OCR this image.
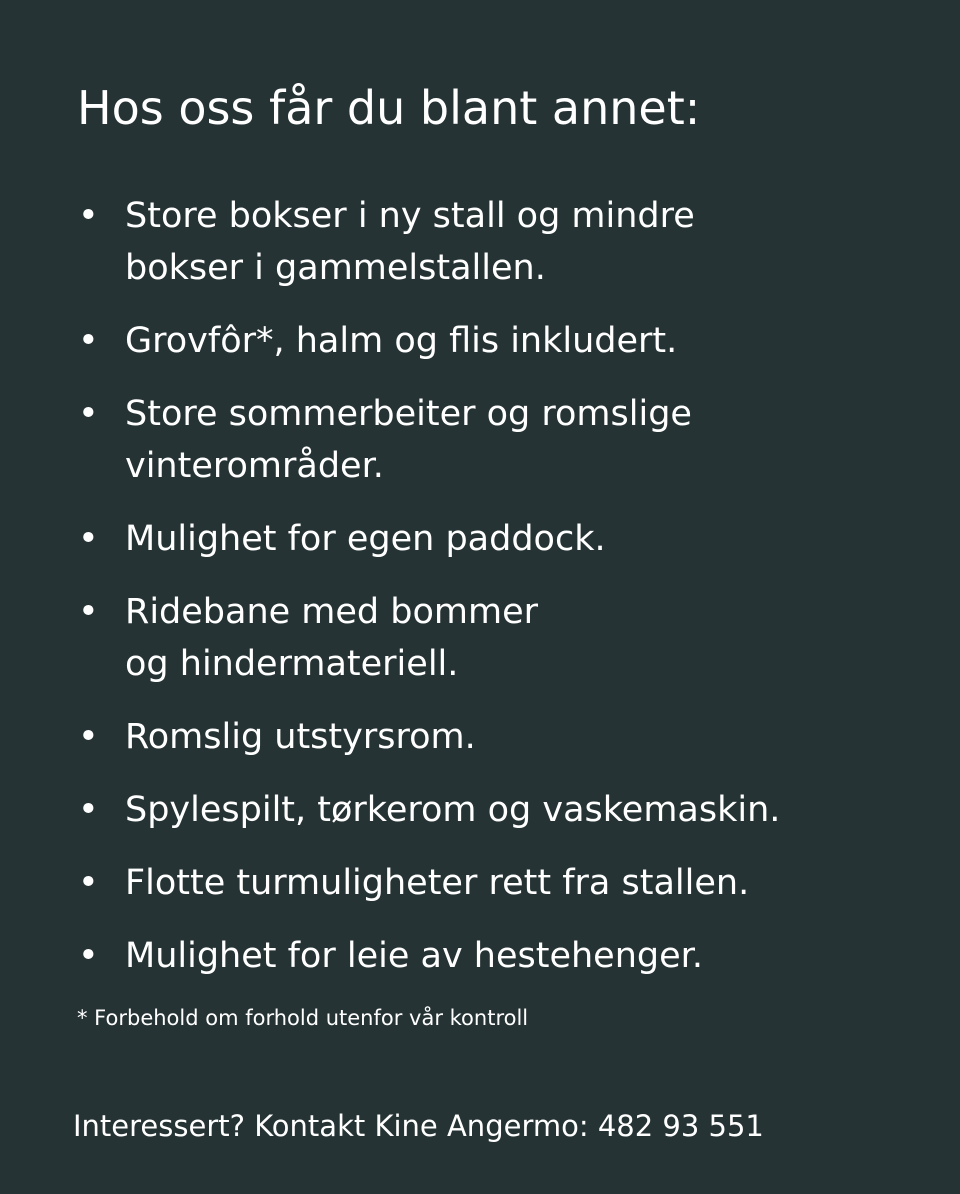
Hos oss får du blant annet:
• Store bokser i ny stall og mindre
bokser i gammelstallen.
• Grovfôr*, halm og flis inkludert.
• Store sommerbeiter og romslige
vinterområder.
• Mulighet for egen paddock.
• Ridebane med bommer
og hindermateriell.
• Romslig utstyrsrom.
• Spylespilt, tørkerom og vaskemaskin.
• Flotte turmuligheter rett fra stallen.
• Mulighet for leie av hestehenger.
* Forbehold om forhold utenfor vår kontroll
Interessert? Kontakt Kine Angermo: 482 93 551
